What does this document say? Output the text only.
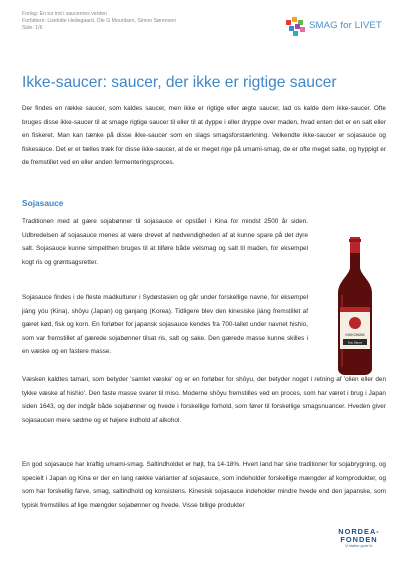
Forlag: En tur ind i saucernes verden
Forfattere: Liselotte Hedegaard, Ole G Mouritsen, Simon Sørensen
Side: 1/6	SMAG for LIVET
Ikke-saucer: saucer, der ikke er rigtige saucer

Der findes en række saucer, som kaldes saucer, men ikke er rigtige eller ægte saucer, lad os kalde dem ikke-saucer. Ofte bruges disse ikke-saucer til at smage rigtige saucer til eller til at dyppe i eller dryppe over maden, hvad enten det er en salt eller en fiskeret. Man kan tænke på disse ikke-saucer som en slags smagsforstærkning. Velkendte ikke-saucer er sojasauce og fiskesauce. Det er et fælles træk for disse ikke-saucer, at de er meget rige på umami-smag, de er ofte meget salte, og hyppigt er de fremstillet ved en eller anden fermenteringsproces.

Sojasauce

Traditionen med at gære sojabønner til sojasauce er opstået i Kina for mindst 2500 år siden. Udbredelsen af sojasauce menes at være drevet af nødvendigheden af at kunne spare på det dyre salt. Sojasauce kunne simpelthen bruges til at tilføre både velsmag og salt til maden, for eksempel kogt ris og grøntsagsretter.

Sojasauce findes i de fleste madkulturer i Sydøstasien og går under forskellige navne, for eksempel jiàng yóu (Kina), shōyu (Japan) og ganjang (Korea). Tidligere blev den kinesiske jiàng fremstillet af gæret kød, fisk og korn. En forløber for japansk sojasauce kendes fra 700-tallet under navnet hishio, som var fremstillet af gærede sojabønner tilsat ris, salt og sake. Den gærede masse kunne skilles i en væske og en fastere masse.

Væsken kaldtes tamari, som betyder 'samlet væske' og er en forløber for shōyu, der betyder noget i retning af 'olien eller den tykke væske af hishio'. Den faste masse svarer til miso. Moderne shōyu fremstilles ved en proces, som har været i brug i Japan siden 1643, og der indgår både sojabønner og hvede i forskellige forhold, som fører til forskellige smagsnuancer. Hveden giver sojasaucen mere sødme og et højere indhold af alkohol.

En god sojasauce har kraftig umami-smag. Saltindholdet er højt, fra 14-18%. Hvert land har sine traditioner for sojabrygning, og specielt i Japan og Kina er der en lang række varianter af sojasauce, som indeholder forskellige mængder af kornprodukter, og som har forskellig farve, smag, saltindhold og konsistens. Kinesisk sojasauce indeholder mindre hvede end den japanske, som typisk fremstilles af lige mængder sojabønner og hvede. Visse billige produkter

KIKKOMAN
Soy Sauce
NORDEA-
FONDEN
Vi støtter gode liv
